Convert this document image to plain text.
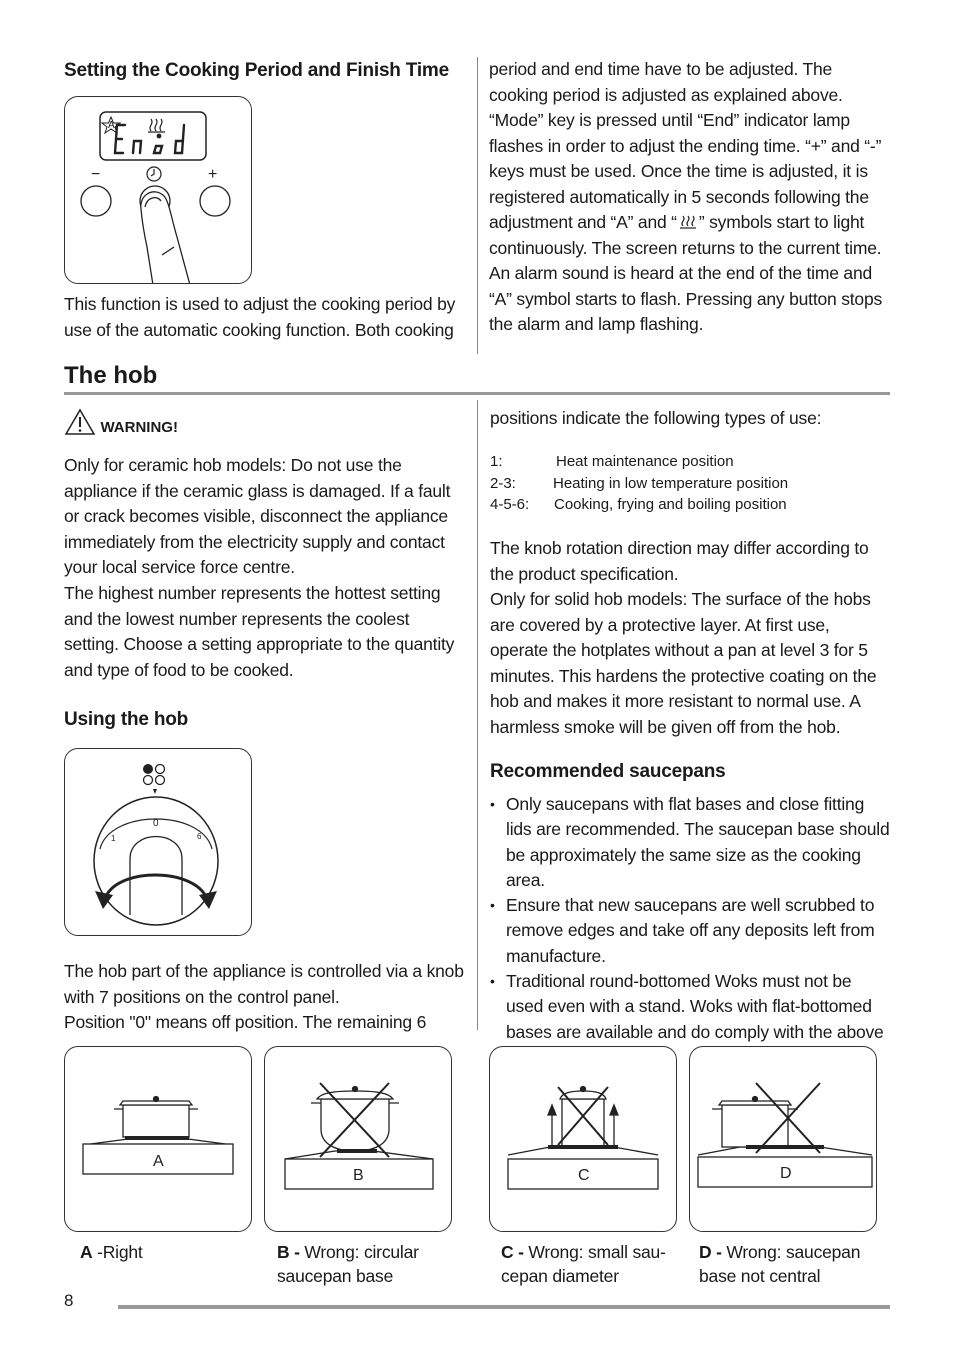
Setting the Cooking Period and Finish Time
A
−	+
This function is used to adjust the cooking period by use of the automatic cooking function. Both cooking
period and end time have to be adjusted. The cooking period is adjusted as explained above. “Mode” key is pressed until “End” indicator lamp flashes in order to adjust the ending time. “+” and “-” keys must be used. Once the time is adjusted, it is registered automatically in 5 seconds following the adjustment and “A” and “ ” symbols start to light continuously. The screen returns to the current time. An alarm sound is heard at the end of the time and “A” symbol starts to flash. Pressing any button stops the alarm and lamp flashing.
The hob
WARNING!
Only for ceramic hob models: Do not use the appliance if the ceramic glass is damaged. If a fault or crack becomes visible, disconnect the appliance immediately from the electricity supply and contact your local service force centre.
The highest number represents the hottest setting and the lowest number represents the coolest setting. Choose a setting appropriate to the quantity and type of food to be cooked.
Using the hob
0
1	6
The hob part of the appliance is controlled via a knob with 7 positions on the control panel.
Position "0" means off position. The remaining 6
positions indicate the following types of use:
1:	Heat maintenance position
2-3: Heating in low temperature position
4-5-6: Cooking, frying and boiling position
The knob rotation direction may differ according to the product specification.
Only for solid hob models: The surface of the hobs are covered by a protective layer. At first use, operate the hotplates without a pan at level 3 for 5 minutes. This hardens the protective coating on the hob and makes it more resistant to normal use. A harmless smoke will be given off from the hob.
Recommended saucepans
• Only saucepans with flat bases and close fitting lids are recommended. The saucepan base should be approximately the same size as the cooking area.
• Ensure that new saucepans are well scrubbed to remove edges and take off any deposits left from manufacture.
• Traditional round-bottomed Woks must not be used even with a stand. Woks with flat-bottomed bases are available and do comply with the above
A
B	C	D
A -Right	B - Wrong: circular saucepan base
C - Wrong: small sau-cepan diameter
D - Wrong: saucepan base not central
8
